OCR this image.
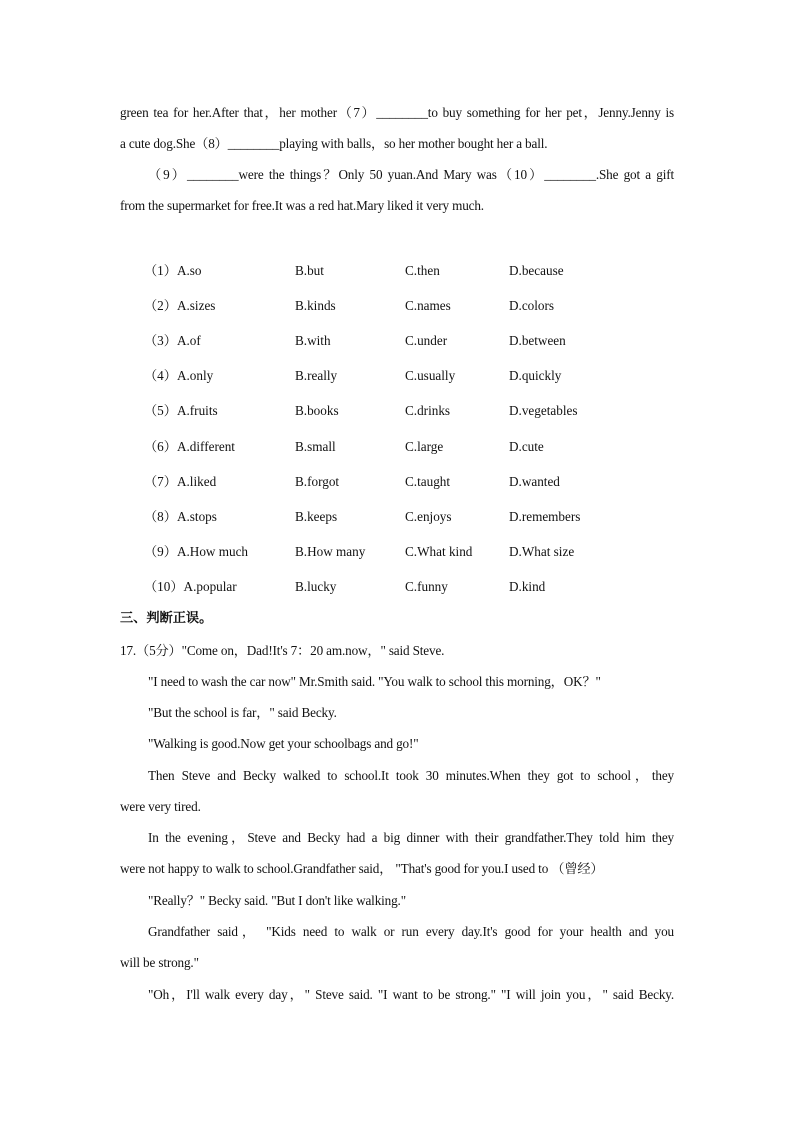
green tea for her.After that，her mother（7）________to buy something for her pet，Jenny.Jenny is
a cute dog.She（8）________playing with balls，so her mother bought her a ball.
（9）________were the things？Only 50 yuan.And Mary was（10）________.She got a gift
from the supermarket for free.It was a red hat.Mary liked it very much.
（1）A.so	B.but	C.then	D.because
（2）A.sizes	B.kinds	C.names	D.colors
（3）A.of	B.with	C.under	D.between
（4）A.only	B.really	C.usually	D.quickly
（5）A.fruits	B.books	C.drinks	D.vegetables
（6）A.different	B.small	C.large	D.cute
（7）A.liked	B.forgot	C.taught	D.wanted
（8）A.stops	B.keeps	C.enjoys	D.remembers
（9）A.How much	B.How many	C.What kind	D.What size
（10）A.popular	B.lucky	C.funny	D.kind
三、判断正误。
17.（5分）"Come on，Dad!It's 7：20 am.now，" said Steve.
"I need to wash the car now" Mr.Smith said. "You walk to school this morning，OK？"
"But the school is far，" said Becky.
"Walking is good.Now get your schoolbags and go!"
Then Steve and Becky walked to school.It took 30 minutes.When they got to school，they
were very tired.
In the evening，Steve and Becky had a big dinner with their grandfather.They told him they
were not happy to walk to school.Grandfather said， "That's good for you.I used to （曾经）
"Really？" Becky said. "But I don't like walking."
Grandfather said， "Kids need to walk or run every day.It's good for your health and you
will be strong."
"Oh，I'll walk every day，" Steve said. "I want to be strong." "I will join you，" said Becky.
